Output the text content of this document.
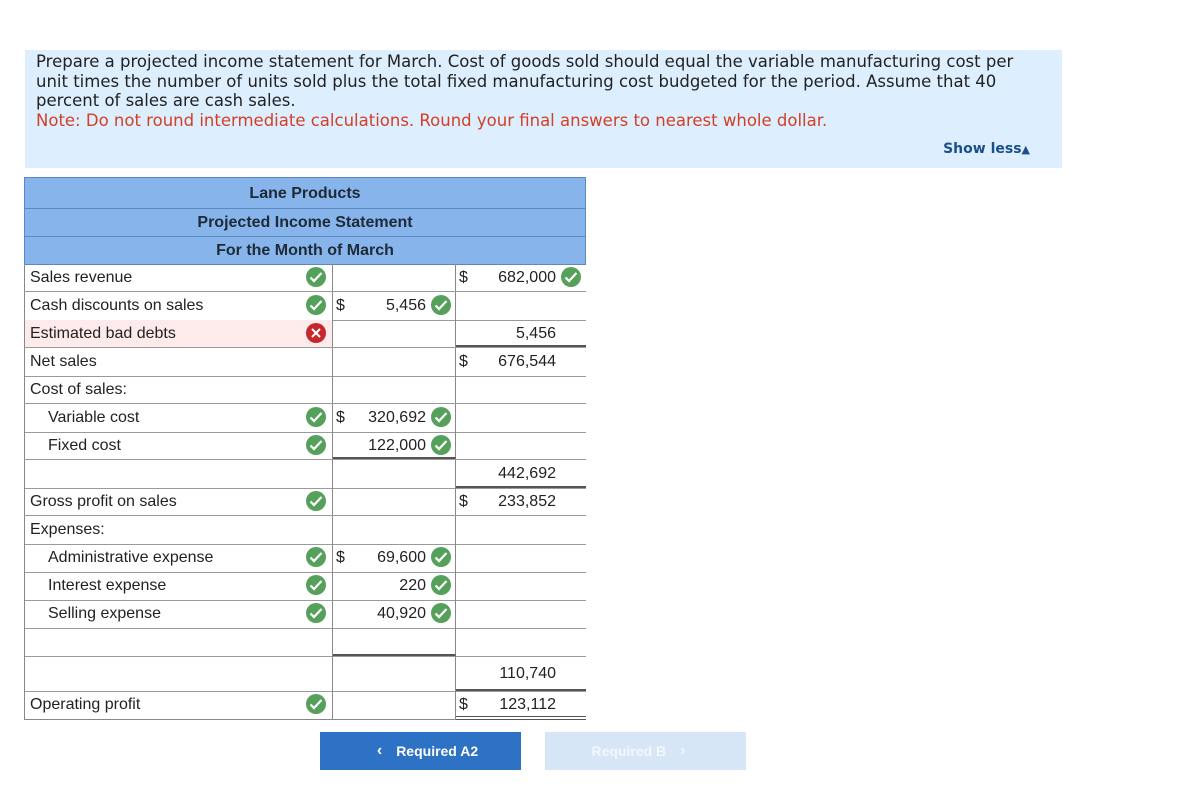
Prepare a projected income statement for March. Cost of goods sold should equal the variable manufacturing cost per unit times the number of units sold plus the total fixed manufacturing cost budgeted for the period. Assume that 40 percent of sales are cash sales.
Note: Do not round intermediate calculations. Round your final answers to nearest whole dollar.
Show less▲
Lane Products
Projected Income Statement
For the Month of March
Sales revenue	$ 682,000
Cash discounts on sales	$	5,456
Estimated bad debts	5,456
Net sales	$ 676,544
Cost of sales:
Variable cost	$ 320,692
Fixed cost	122,000
442,692
Gross profit on sales	$ 233,852
Expenses:
Administrative expense	$ 69,600
Interest expense	220
Selling expense	40,920
110,740
Operating profit	$ 123,112
‹ Required A2	Required B ›
